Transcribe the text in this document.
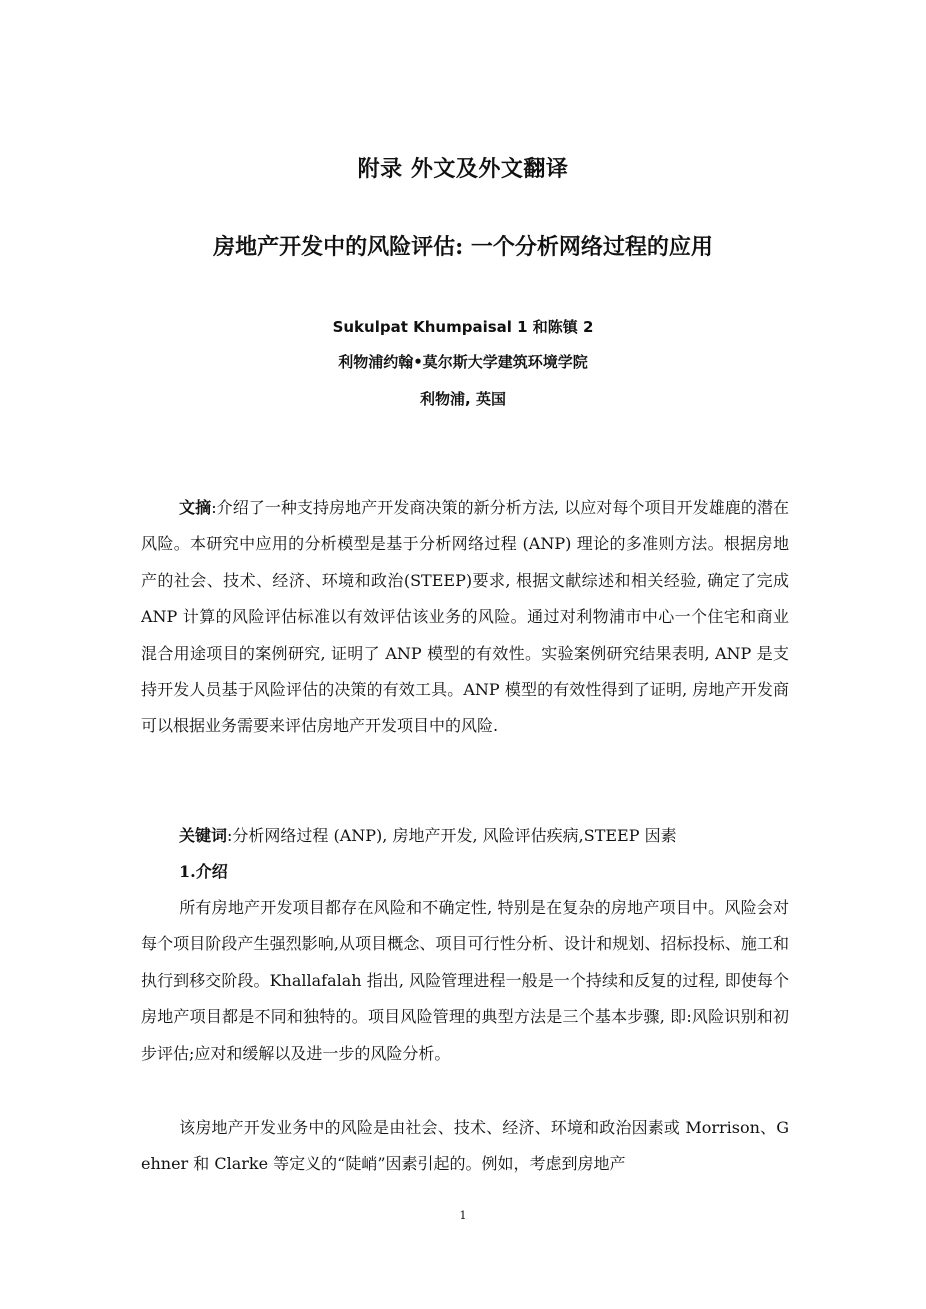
附录 外文及外文翻译
房地产开发中的风险评估: 一个分析网络过程的应用
Sukulpat Khumpaisal 1 和陈镇 2
利物浦约翰•莫尔斯大学建筑环境学院
利物浦, 英国
文摘:介绍了一种支持房地产开发商决策的新分析方法, 以应对每个项目开发雄鹿的潜在风险。本研究中应用的分析模型是基于分析网络过程 (ANP) 理论的多准则方法。根据房地产的社会、技术、经济、环境和政治(STEEP)要求, 根据文献综述和相关经验, 确定了完成 ANP 计算的风险评估标准以有效评估该业务的风险。通过对利物浦市中心一个住宅和商业混合用途项目的案例研究, 证明了 ANP 模型的有效性。实验案例研究结果表明, ANP 是支持开发人员基于风险评估的决策的有效工具。ANP 模型的有效性得到了证明, 房地产开发商可以根据业务需要来评估房地产开发项目中的风险.
关键词:分析网络过程 (ANP), 房地产开发, 风险评估疾病,STEEP 因素
1.介绍
所有房地产开发项目都存在风险和不确定性, 特别是在复杂的房地产项目中。风险会对每个项目阶段产生强烈影响,从项目概念、项目可行性分析、设计和规划、招标投标、施工和执行到移交阶段。Khallafalah 指出, 风险管理进程一般是一个持续和反复的过程, 即使每个房地产项目都是不同和独特的。项目风险管理的典型方法是三个基本步骤, 即:风险识别和初步评估;应对和缓解以及进一步的风险分析。
该房地产开发业务中的风险是由社会、技术、经济、环境和政治因素或 Morrison、Gehner 和 Clarke 等定义的“陡峭”因素引起的。例如，考虑到房地产
1
